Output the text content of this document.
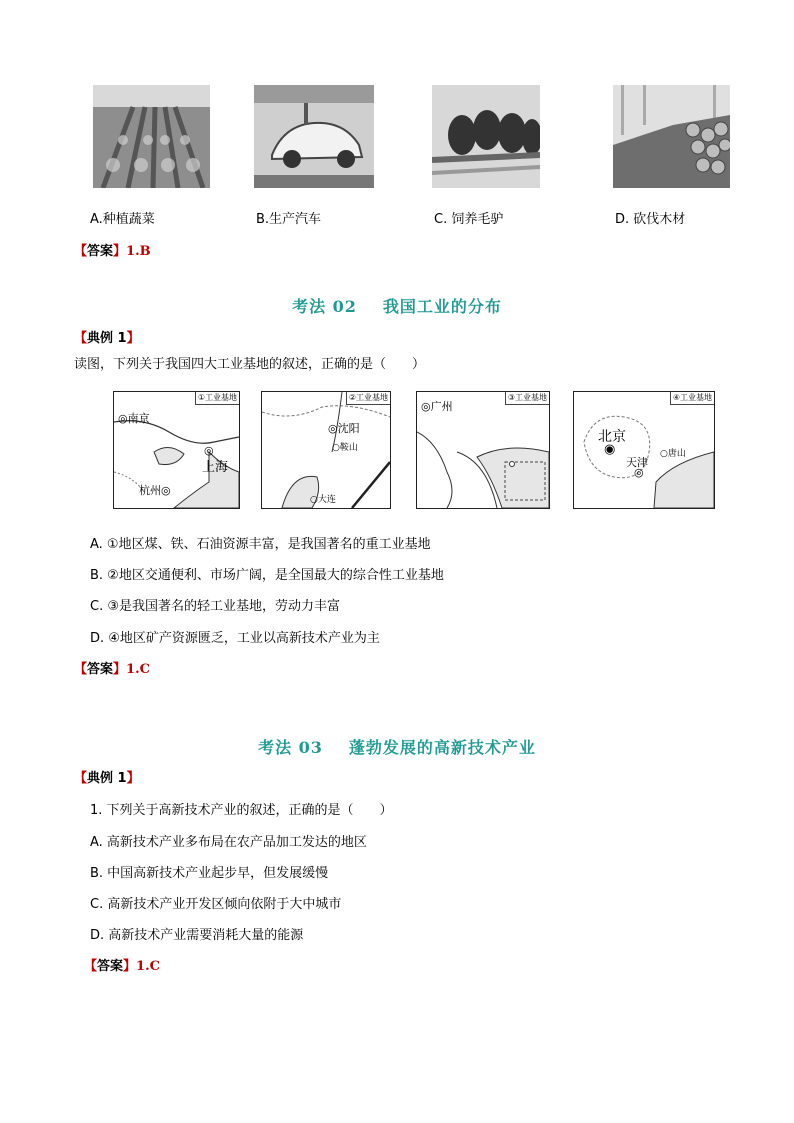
A.种植蔬菜	B.生产汽车	C. 饲养毛驴	D. 砍伐木材
【答案】1.B
考法 02 我国工业的分布
【典例 1】
读图，下列关于我国四大工业基地的叙述，正确的是（　　）
①工业基地
◎南京
◎
上海
杭州◎
②工业基地
◎沈阳
○鞍山
○大连
③工业基地
◎广州
④工业基地
北京
◉
天津
◎
○唐山
A. ①地区煤、铁、石油资源丰富，是我国著名的重工业基地
B. ②地区交通便利、市场广阔，是全国最大的综合性工业基地
C. ③是我国著名的轻工业基地，劳动力丰富
D. ④地区矿产资源匮乏，工业以高新技术产业为主
【答案】1.C
考法 03 蓬勃发展的高新技术产业
【典例 1】
1. 下列关于高新技术产业的叙述，正确的是（　　）
A. 高新技术产业多布局在农产品加工发达的地区
B. 中国高新技术产业起步早，但发展缓慢
C. 高新技术产业开发区倾向依附于大中城市
D. 高新技术产业需要消耗大量的能源
【答案】1.C
